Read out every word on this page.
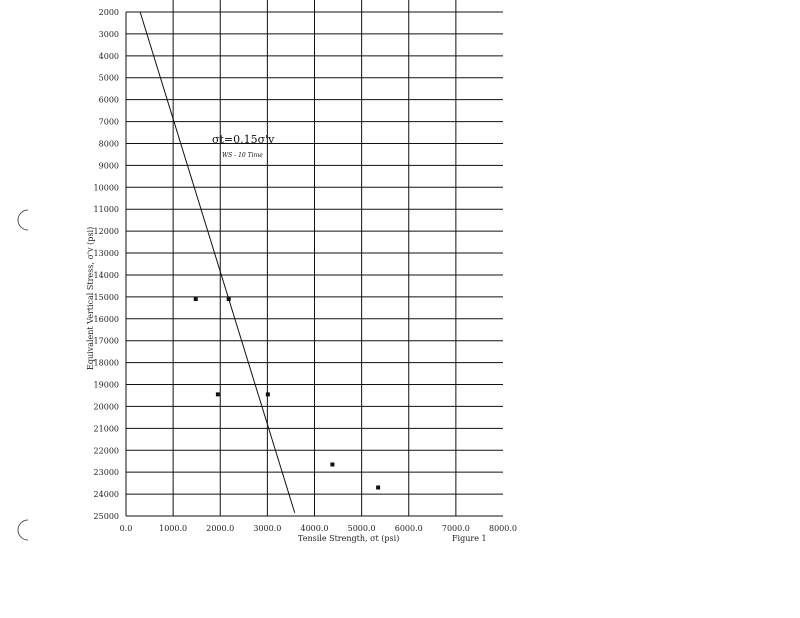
2000
3000
4000
5000
6000
7000
8000
9000
10000
11000
12000
13000
14000
15000
16000
17000
18000
19000
20000
21000
22000
23000
24000
25000
0.0	1000.0 2000.0 3000.0 4000.0 5000.0 6000.0 7000.0 8000.0
σt=0.15σ'v
WS - 10 Time
Tensile Strength, σt (psi)	Figure 1
Equivalent Vertical Stress, σ'v (psi)
